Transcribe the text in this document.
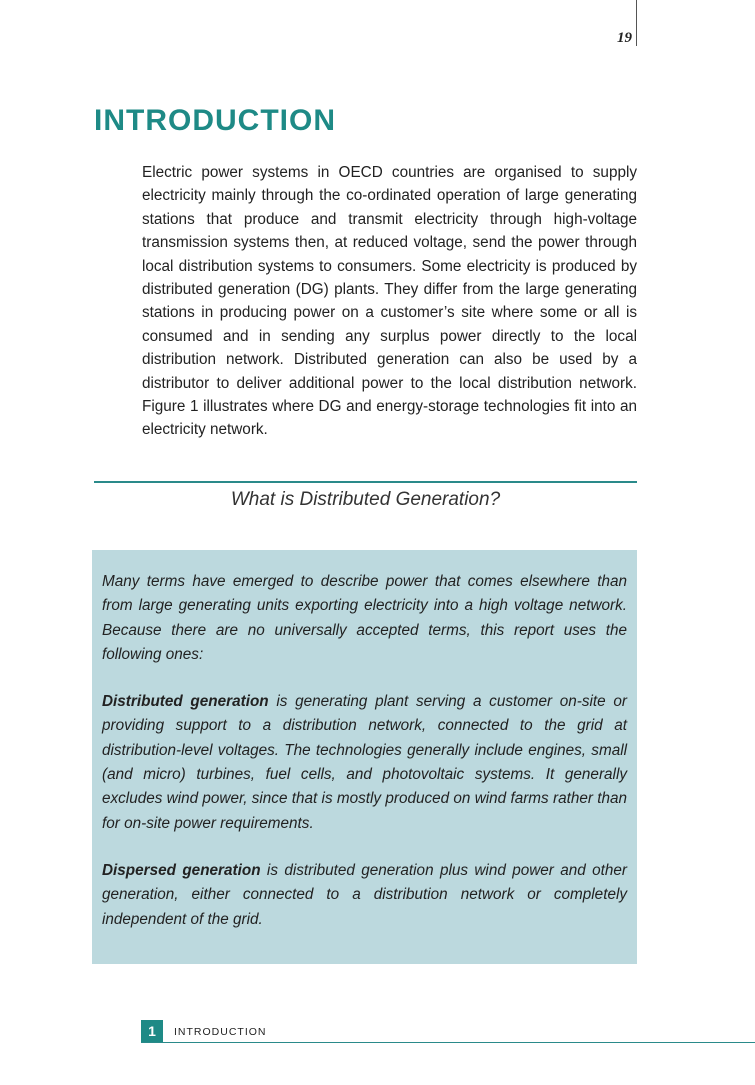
19
INTRODUCTION

Electric power systems in OECD countries are organised to supply electricity mainly through the co-ordinated operation of large generating stations that produce and transmit electricity through high-voltage transmission systems then, at reduced voltage, send the power through local distribution systems to consumers. Some electricity is produced by distributed generation (DG) plants. They differ from the large generating stations in producing power on a customer’s site where some or all is consumed and in sending any surplus power directly to the local distribution network. Distributed generation can also be used by a distributor to deliver additional power to the local distribution network. Figure 1 illustrates where DG and energy-storage technologies fit into an electricity network.

What is Distributed Generation?

Many terms have emerged to describe power that comes elsewhere than from large generating units exporting electricity into a high voltage network. Because there are no universally accepted terms, this report uses the following ones:

Distributed generation is generating plant serving a customer on-site or providing support to a distribution network, connected to the grid at distribution-level voltages. The technologies generally include engines, small (and micro) turbines, fuel cells, and photovoltaic systems. It generally excludes wind power, since that is mostly produced on wind farms rather than for on-site power requirements.

Dispersed generation is distributed generation plus wind power and other generation, either connected to a distribution network or completely independent of the grid.

1	INTRODUCTION
